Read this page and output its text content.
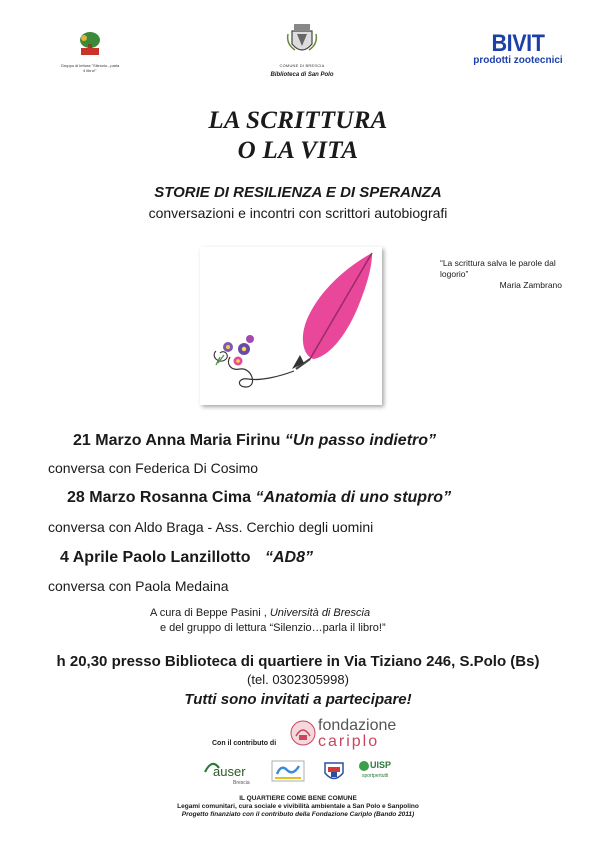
Gruppo di lettura "Silenzio...parla il libro!"
COMUNE DI BRESCIA
Biblioteca di San Polo
BIVIT
prodotti zootecnici
LA SCRITTURA
O LA VITA
STORIE DI RESILIENZA E DI SPERANZA
conversazioni e incontri con scrittori autobiografi
“La scrittura salva le parole dal logorio”
Maria Zambrano
21 Marzo Anna Maria Firinu “Un passo indietro”
conversa con Federica Di Cosimo
28 Marzo Rosanna Cima “Anatomia di uno stupro”
conversa con Aldo Braga - Ass. Cerchio degli uomini
4 Aprile Paolo Lanzillotto “AD8”
conversa con Paola Medaina
A cura di Beppe Pasini , Università di Brescia
e del gruppo di lettura “Silenzio…parla il libro!”
h 20,30 presso Biblioteca di quartiere in Via Tiziano 246, S.Polo (Bs)
(tel. 0302305998)
Tutti sono invitati a partecipare!
Con il contributo di
fondazione
cariplo
auser
Brescia
UISP
sportpertutti
IL QUARTIERE COME BENE COMUNE
Legami comunitari, cura sociale e vivibilità ambientale a San Polo e Sanpolino
Progetto finanziato con il contributo della Fondazione Cariplo (Bando 2011)
